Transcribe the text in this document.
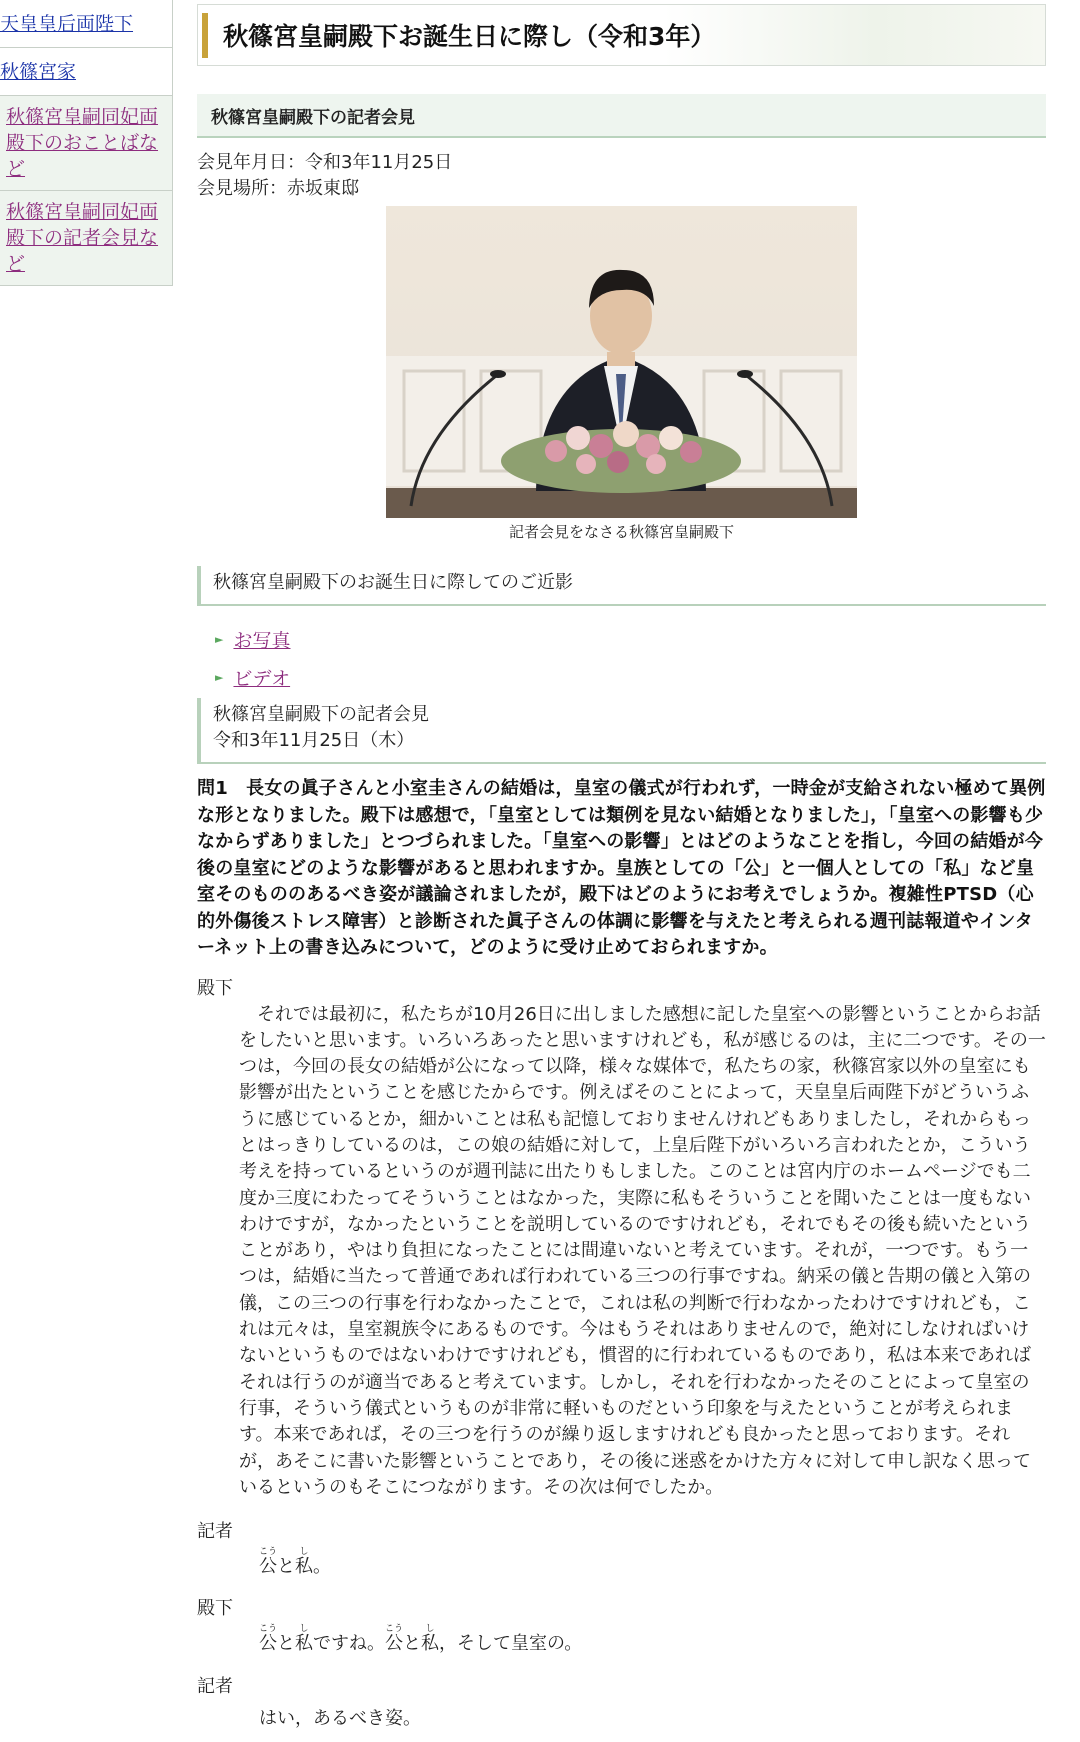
天皇皇后両陛下
秋篠宮家
秋篠宮皇嗣同妃両殿下のおことばなど
秋篠宮皇嗣同妃両殿下の記者会見など
秋篠宮皇嗣殿下お誕生日に際し（令和3年）
秋篠宮皇嗣殿下の記者会見
会見年月日：令和3年11月25日
会見場所：赤坂東邸
記者会見をなさる秋篠宮皇嗣殿下
秋篠宮皇嗣殿下のお誕生日に際してのご近影
► お写真
► ビデオ
秋篠宮皇嗣殿下の記者会見
令和3年11月25日（木）
問1　長女の眞子さんと小室圭さんの結婚は，皇室の儀式が行われず，一時金が支給されない極めて異例な形となりました。殿下は感想で，「皇室としては類例を見ない結婚となりました」，「皇室への影響も少なからずありました」とつづられました。「皇室への影響」とはどのようなことを指し，今回の結婚が今後の皇室にどのような影響があると思われますか。皇族としての「公」と一個人としての「私」など皇室そのもののあるべき姿が議論されましたが，殿下はどのようにお考えでしょうか。複雑性PTSD（心的外傷後ストレス障害）と診断された眞子さんの体調に影響を与えたと考えられる週刊誌報道やインターネット上の書き込みについて，どのように受け止めておられますか。
殿下
それでは最初に，私たちが10月26日に出しました感想に記した皇室への影響ということからお話をしたいと思います。いろいろあったと思いますけれども，私が感じるのは，主に二つです。その一つは，今回の長女の結婚が公になって以降，様々な媒体で，私たちの家，秋篠宮家以外の皇室にも影響が出たということを感じたからです。例えばそのことによって，天皇皇后両陛下がどういうふうに感じているとか，細かいことは私も記憶しておりませんけれどもありましたし，それからもっとはっきりしているのは，この娘の結婚に対して，上皇后陛下がいろいろ言われたとか，こういう考えを持っているというのが週刊誌に出たりもしました。このことは宮内庁のホームページでも二度か三度にわたってそういうことはなかった，実際に私もそういうことを聞いたことは一度もないわけですが，なかったということを説明しているのですけれども，それでもその後も続いたということがあり，やはり負担になったことには間違いないと考えています。それが，一つです。もう一つは，結婚に当たって普通であれば行われている三つの行事ですね。納采の儀と告期の儀と入第の儀，この三つの行事を行わなかったことで，これは私の判断で行わなかったわけですけれども，これは元々は，皇室親族令にあるものです。今はもうそれはありませんので，絶対にしなければいけないというものではないわけですけれども，慣習的に行われているものであり，私は本来であればそれは行うのが適当であると考えています。しかし，それを行わなかったそのことによって皇室の行事，そういう儀式というものが非常に軽いものだという印象を与えたということが考えられます。本来であれば，その三つを行うのが繰り返しますけれども良かったと思っております。それが，あそこに書いた影響ということであり，その後に迷惑をかけた方々に対して申し訳なく思っているというのもそこにつながります。その次は何でしたか。
記者
公こうと私し。
殿下
公こうと私しですね。公こうと私し，そして皇室の。
記者
はい，あるべき姿。
